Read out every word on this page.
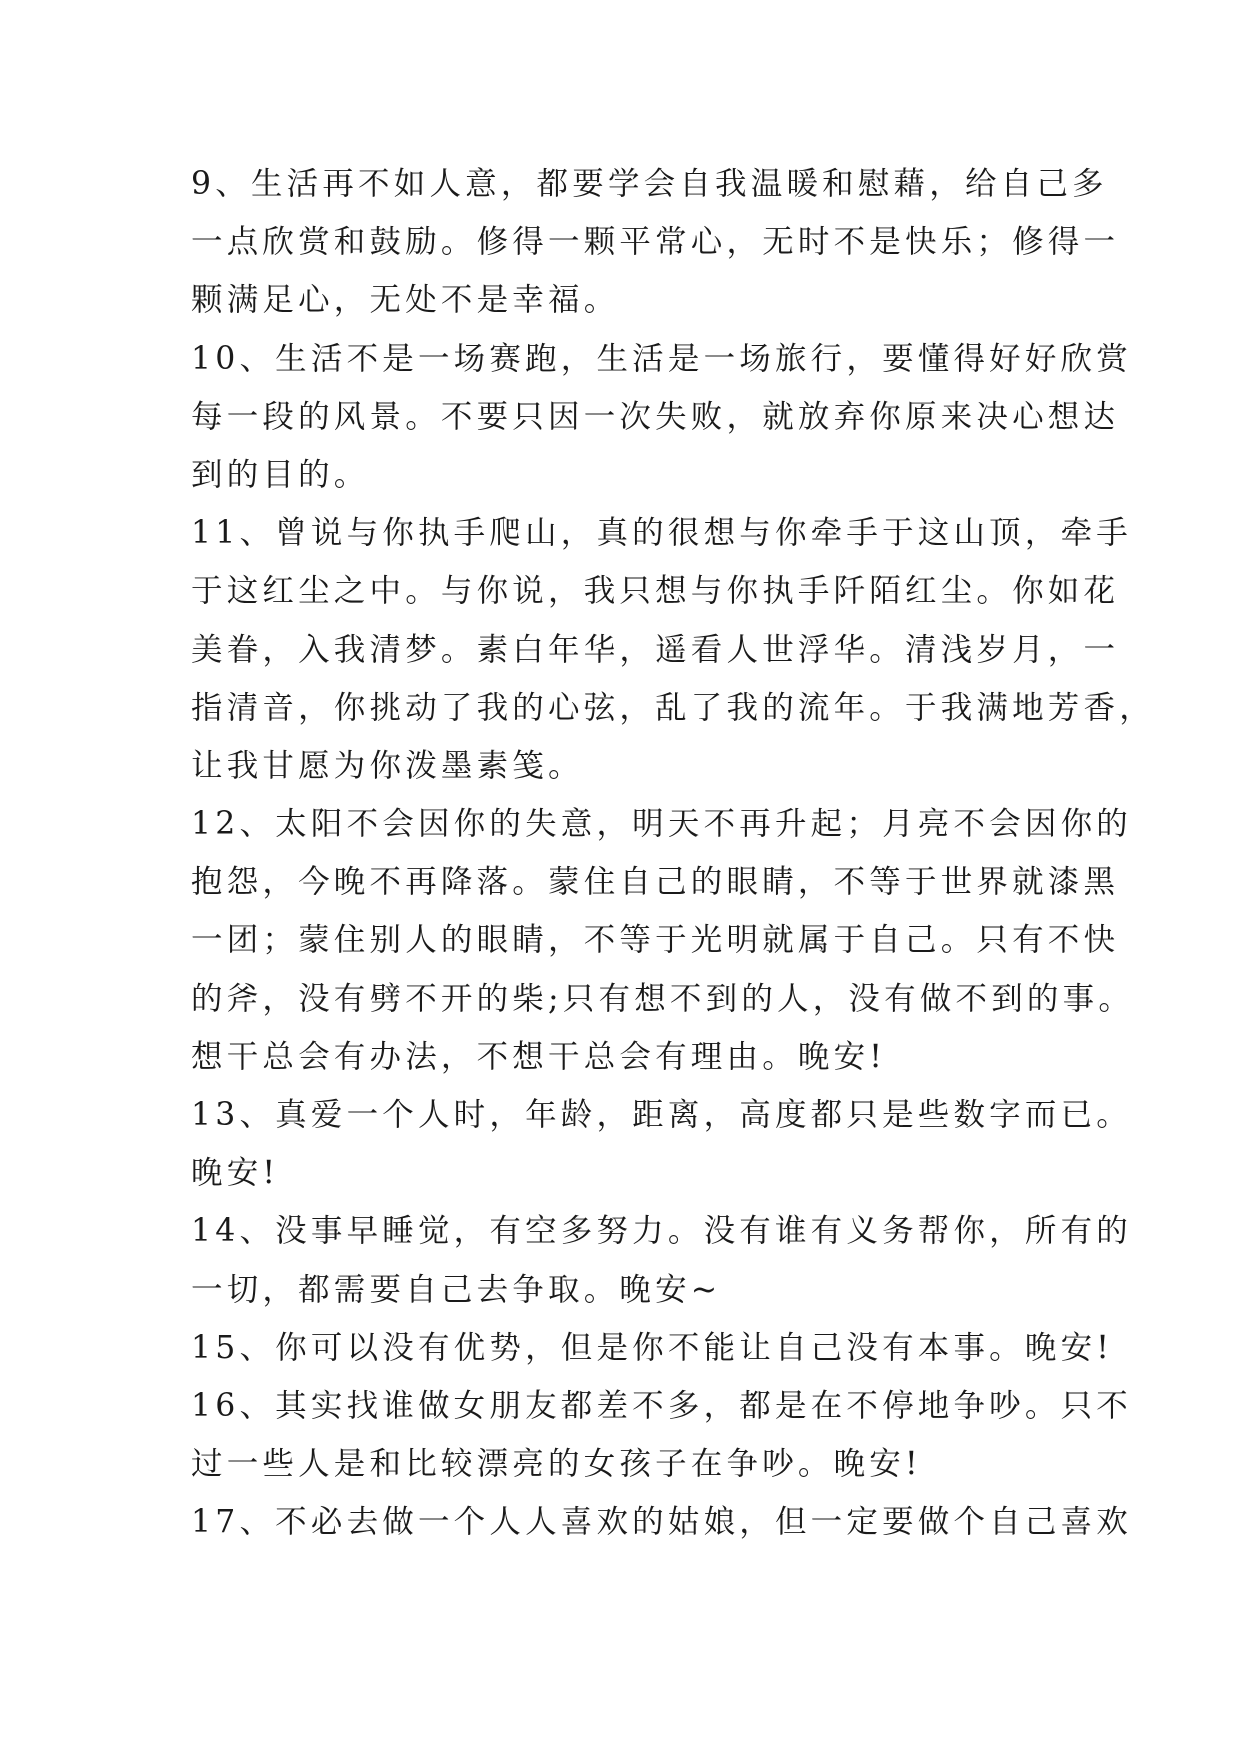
9、生活再不如人意，都要学会自我温暖和慰藉，给自己多
一点欣赏和鼓励。修得一颗平常心，无时不是快乐；修得一
颗满足心，无处不是幸福。
10、生活不是一场赛跑，生活是一场旅行，要懂得好好欣赏
每一段的风景。不要只因一次失败，就放弃你原来决心想达
到的目的。
11、曾说与你执手爬山，真的很想与你牵手于这山顶，牵手
于这红尘之中。与你说，我只想与你执手阡陌红尘。你如花
美眷，入我清梦。素白年华，遥看人世浮华。清浅岁月，一
指清音，你挑动了我的心弦，乱了我的流年。于我满地芳香，
让我甘愿为你泼墨素笺。
12、太阳不会因你的失意，明天不再升起；月亮不会因你的
抱怨，今晚不再降落。蒙住自己的眼睛，不等于世界就漆黑
一团；蒙住别人的眼睛，不等于光明就属于自己。只有不快
的斧，没有劈不开的柴;只有想不到的人，没有做不到的事。
想干总会有办法，不想干总会有理由。晚安!
13、真爱一个人时，年龄，距离，高度都只是些数字而已。
晚安!
14、没事早睡觉，有空多努力。没有谁有义务帮你，所有的
一切，都需要自己去争取。晚安~
15、你可以没有优势，但是你不能让自己没有本事。晚安!
16、其实找谁做女朋友都差不多，都是在不停地争吵。只不
过一些人是和比较漂亮的女孩子在争吵。晚安!
17、不必去做一个人人喜欢的姑娘，但一定要做个自己喜欢
